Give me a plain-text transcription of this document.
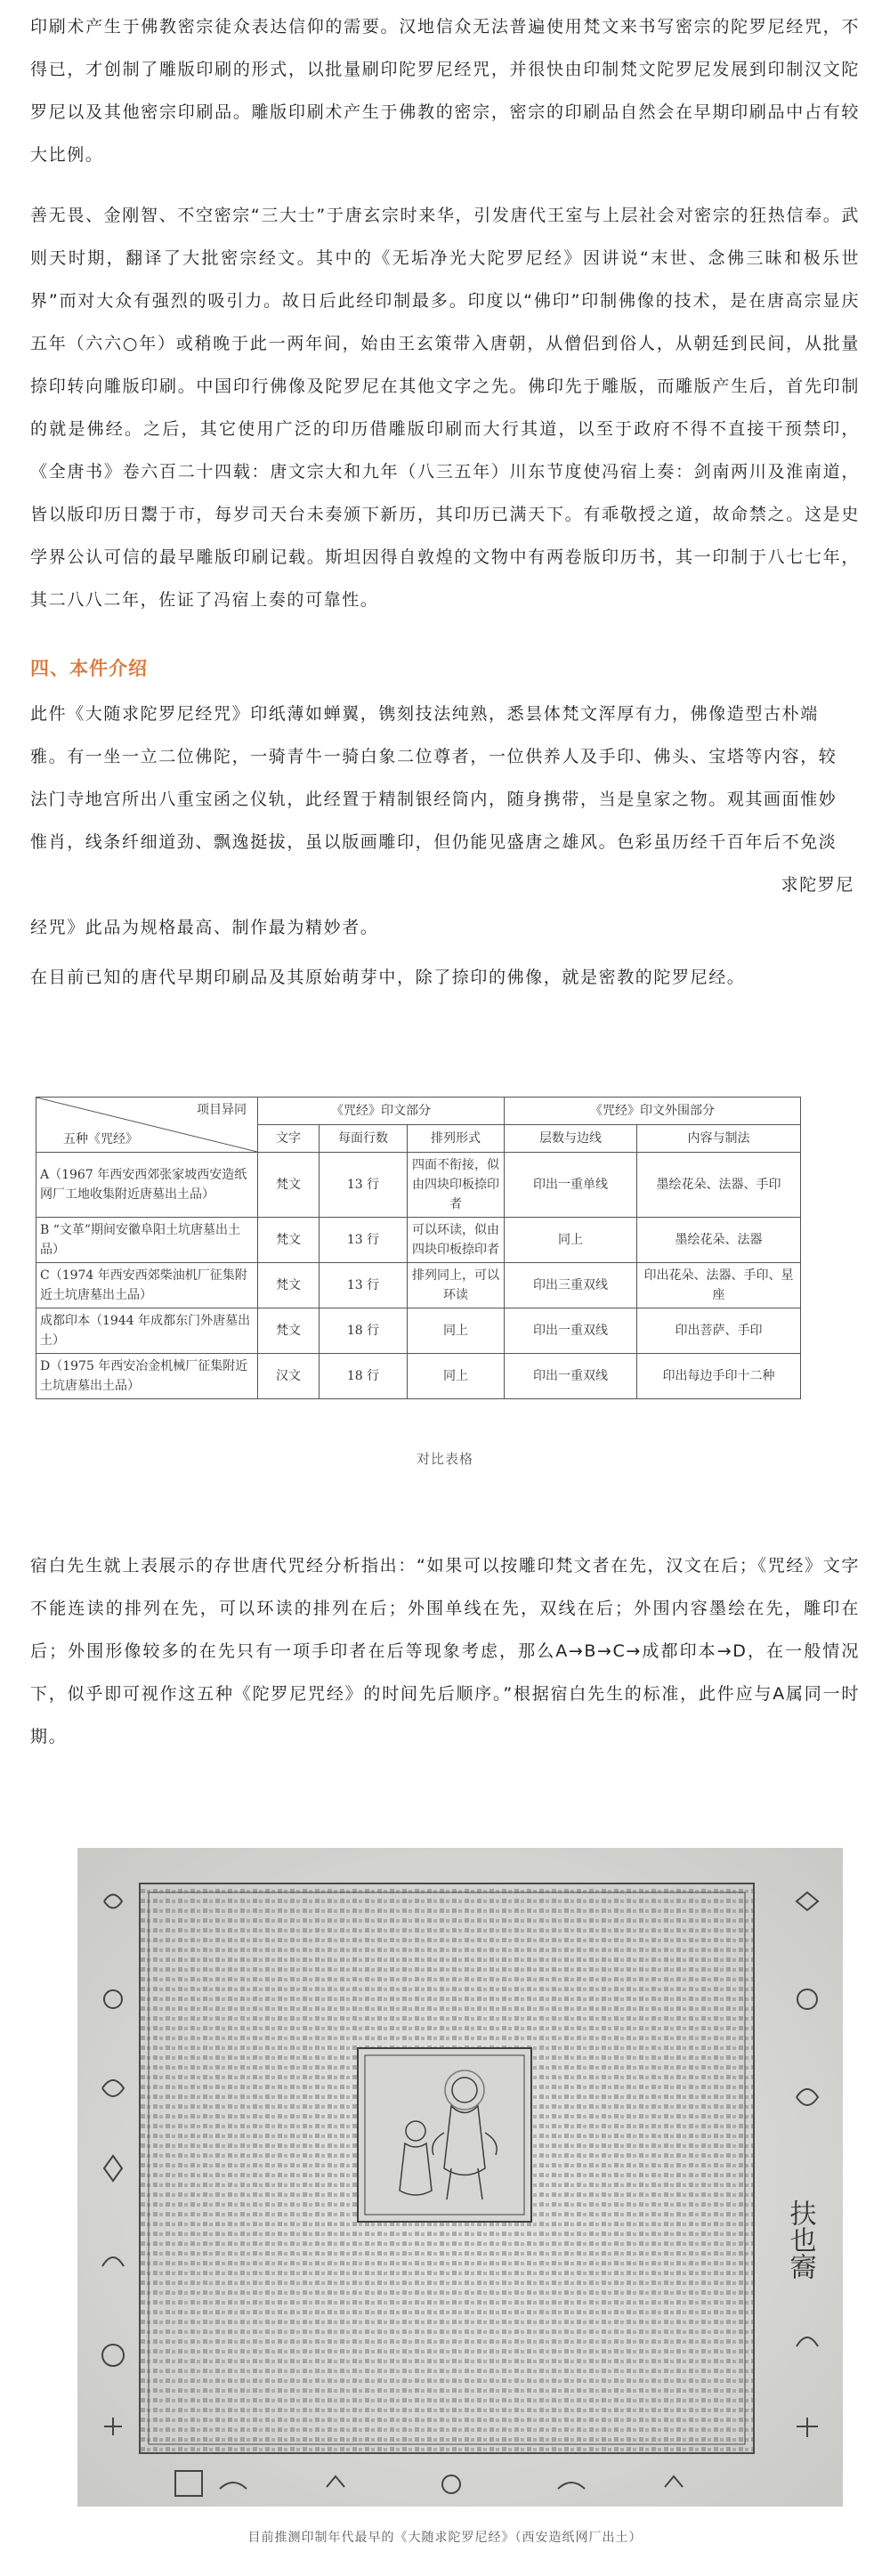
印刷术产生于佛教密宗徒众表达信仰的需要。汉地信众无法普遍使用梵文来书写密宗的陀罗尼经咒，不得已，才创制了雕版印刷的形式，以批量刷印陀罗尼经咒，并很快由印制梵文陀罗尼发展到印制汉文陀罗尼以及其他密宗印刷品。雕版印刷术产生于佛教的密宗，密宗的印刷品自然会在早期印刷品中占有较大比例。

善无畏、金刚智、不空密宗“三大士”于唐玄宗时来华，引发唐代王室与上层社会对密宗的狂热信奉。武则天时期，翻译了大批密宗经文。其中的《无垢净光大陀罗尼经》因讲说“末世、念佛三昧和极乐世界”而对大众有强烈的吸引力。故日后此经印制最多。印度以“佛印”印制佛像的技术，是在唐高宗显庆五年（六六○年）或稍晚于此一两年间，始由王玄策带入唐朝，从僧侣到俗人，从朝廷到民间，从批量捺印转向雕版印刷。中国印行佛像及陀罗尼在其他文字之先。佛印先于雕版，而雕版产生后，首先印制的就是佛经。之后，其它使用广泛的印历借雕版印刷而大行其道，以至于政府不得不直接干预禁印，《全唐书》卷六百二十四载：唐文宗大和九年（八三五年）川东节度使冯宿上奏：剑南两川及淮南道，皆以版印历日鬻于市，每岁司天台未奏颁下新历，其印历已满天下。有乖敬授之道，故命禁之。这是史学界公认可信的最早雕版印刷记载。斯坦因得自敦煌的文物中有两卷版印历书，其一印制于八七七年，其二八八二年，佐证了冯宿上奏的可靠性。

四、本件介绍
此件《大随求陀罗尼经咒》印纸薄如蝉翼，镌刻技法纯熟，悉昙体梵文浑厚有力，佛像造型古朴端
雅。有一坐一立二位佛陀，一骑青牛一骑白象二位尊者，一位供养人及手印、佛头、宝塔等内容，较
法门寺地宫所出八重宝函之仪轨，此经置于精制银经筒内，随身携带，当是皇家之物。观其画面惟妙
惟肖，线条纤细道劲、飘逸挺拔，虽以版画雕印，但仍能见盛唐之雄风。色彩虽历经千百年后不免淡
求陀罗尼
经咒》此品为规格最高、制作最为精妙者。

在目前已知的唐代早期印刷品及其原始萌芽中，除了捺印的佛像，就是密教的陀罗尼经。

项目异同
五种《咒经》	《咒经》印文部分			《咒经》印文外围部分	
	文字	每面行数	排列形式	层数与边线	内容与制法
A（1967 年西安西郊张家坡西安造纸网厂工地收集附近唐墓出土品）	梵文	13 行	四面不衔接，似由四块印板捺印者	印出一重单线	墨绘花朵、法器、手印
B “文革”期间安徽阜阳土坑唐墓出土品）	梵文	13 行	可以环读，似由四块印板捺印者	同上	墨绘花朵、法器
C（1974 年西安西郊柴油机厂征集附近土坑唐墓出土品）	梵文	13 行	排列同上，可以环读	印出三重双线	印出花朵、法器、手印、星座
成都印本（1944 年成都东门外唐墓出土）	梵文	18 行	同上	印出一重双线	印出菩萨、手印
D（1975 年西安冶金机械厂征集附近土坑唐墓出土品）	汉文	18 行	同上	印出一重双线	印出每边手印十二种
对比表格

宿白先生就上表展示的存世唐代咒经分析指出：“如果可以按雕印梵文者在先，汉文在后；《咒经》文字不能连读的排列在先，可以环读的排列在后；外围单线在先，双线在后；外围内容墨绘在先，雕印在后；外围形像较多的在先只有一项手印者在后等现象考虑，那么A→B→C→成都印本→D，在一般情况下，似乎即可视作这五种《陀罗尼咒经》的时间先后顺序。”根据宿白先生的标准，此件应与A属同一时期。

扶也㝯
目前推测印制年代最早的《大随求陀罗尼经》（西安造纸网厂出土）
